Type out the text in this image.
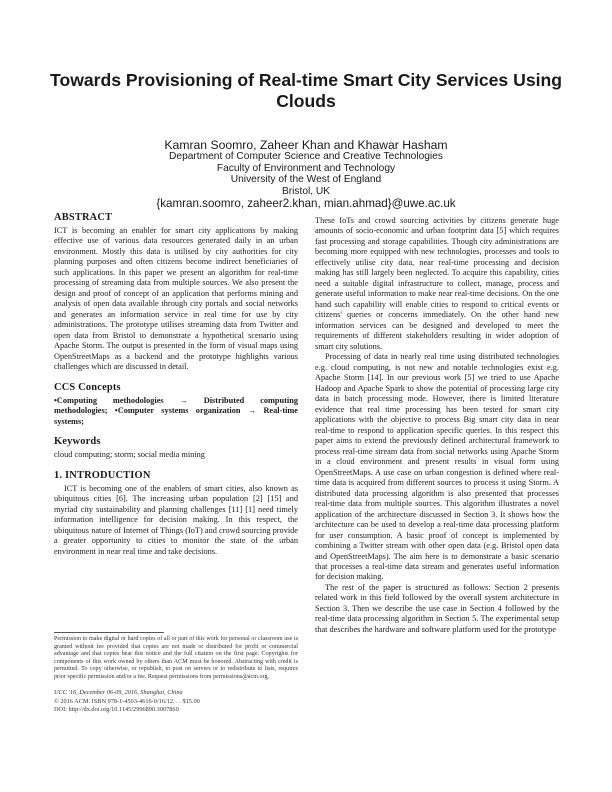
Towards Provisioning of Real-time Smart City Services Using Clouds
Kamran Soomro, Zaheer Khan and Khawar Hasham
Department of Computer Science and Creative Technologies
Faculty of Environment and Technology
University of the West of England
Bristol, UK
{kamran.soomro, zaheer2.khan, mian.ahmad}@uwe.ac.uk
ABSTRACT

ICT is becoming an enabler for smart city applications by making effective use of various data resources generated daily in an urban environment. Mostly this data is utilised by city authorities for city planning purposes and often citizens become indirect beneficiaries of such applications. In this paper we present an algorithm for real-time processing of streaming data from multiple sources. We also present the design and proof of concept of an application that performs mining and analysis of open data available through city portals and social networks and generates an information service in real time for use by city administrations. The prototype utilises streaming data from Twitter and open data from Bristol to demonstrate a hypothetical scenario using Apache Storm. The output is presented in the form of visual maps using OpenStreetMaps as a backend and the prototype highlights various challenges which are discussed in detail.

CCS Concepts
•Computing methodologies → Distributed computing methodologies; •Computer systems organization → Real-time systems;
Keywords

cloud computing; storm; social media mining

1. INTRODUCTION

ICT is becoming one of the enablers of smart cities, also known as ubiquitous cities [6]. The increasing urban population [2] [15] and myriad city sustainability and planning challenges [11] [1] need timely information intelligence for decision making. In this respect, the ubiquitous nature of Internet of Things (IoT) and crowd sourcing provide a greater opportunity to cities to monitor the state of the urban environment in near real time and take decisions.

Permission to make digital or hard copies of all or part of this work for personal or classroom use is granted without fee provided that copies are not made or distributed for profit or commercial advantage and that copies bear this notice and the full citation on the first page. Copyrights for components of this work owned by others than ACM must be honored. Abstracting with credit is permitted. To copy otherwise, or republish, to post on servers or to redistribute to lists, requires prior specific permission and/or a fee. Request permissions from permissions@acm.org.
UCC '16, December 06-09, 2016, Shanghai, China
© 2016 ACM. ISBN 978-1-4503-4616-0/16/12. . . $15.00
DOI: http://dx.doi.org/10.1145/2996890.3007860

These IoTs and crowd sourcing activities by citizens generate huge amounts of socio-economic and urban footprint data [5] which requires fast processing and storage capabilities. Though city administrations are becoming more equipped with new technologies, processes and tools to effectively utilise city data, near real-time processing and decision making has still largely been neglected. To acquire this capability, cities need a suitable digital infrastructure to collect, manage, process and generate useful information to make near real-time decisions. On the one hand such capability will enable cities to respond to critical events or citizens' queries or concerns immediately. On the other hand new information services can be designed and developed to meet the requirements of different stakeholders resulting in wider adoption of smart city solutions.

Processing of data in nearly real time using distributed technologies e.g. cloud computing, is not new and notable technologies exist e.g. Apache Storm [14]. In our previous work [5] we tried to use Apache Hadoop and Apache Spark to show the potential of processing large city data in batch processing mode. However, there is limited literature evidence that real time processing has been tested for smart city applications with the objective to process Big smart city data in near real-time to respond to application specific queries. In this respect this paper aims to extend the previously defined architectural framework to process real-time stream data from social networks using Apache Storm in a cloud environment and present results in visual form using OpenStreetMaps. A use case on urban congestion is defined where real-time data is acquired from different sources to process it using Storm. A distributed data processing algorithm is also presented that processes real-time data from multiple sources. This algorithm illustrates a novel application of the architecture discussed in Section 3. It shows how the architecture can be used to develop a real-time data processing platform for user consumption. A basic proof of concept is implemented by combining a Twitter stream with other open data (e.g. Bristol open data and OpenStreetMaps). The aim here is to demonstrate a basic scenario that processes a real-time data stream and generates useful information for decision making.

The rest of the paper is structured as follows: Section 2 presents related work in this field followed by the overall system architecture in Section 3. Then we describe the use case in Section 4 followed by the real-time data processing algorithm in Section 5. The experimental setup that describes the hardware and software platform used for the prototype
